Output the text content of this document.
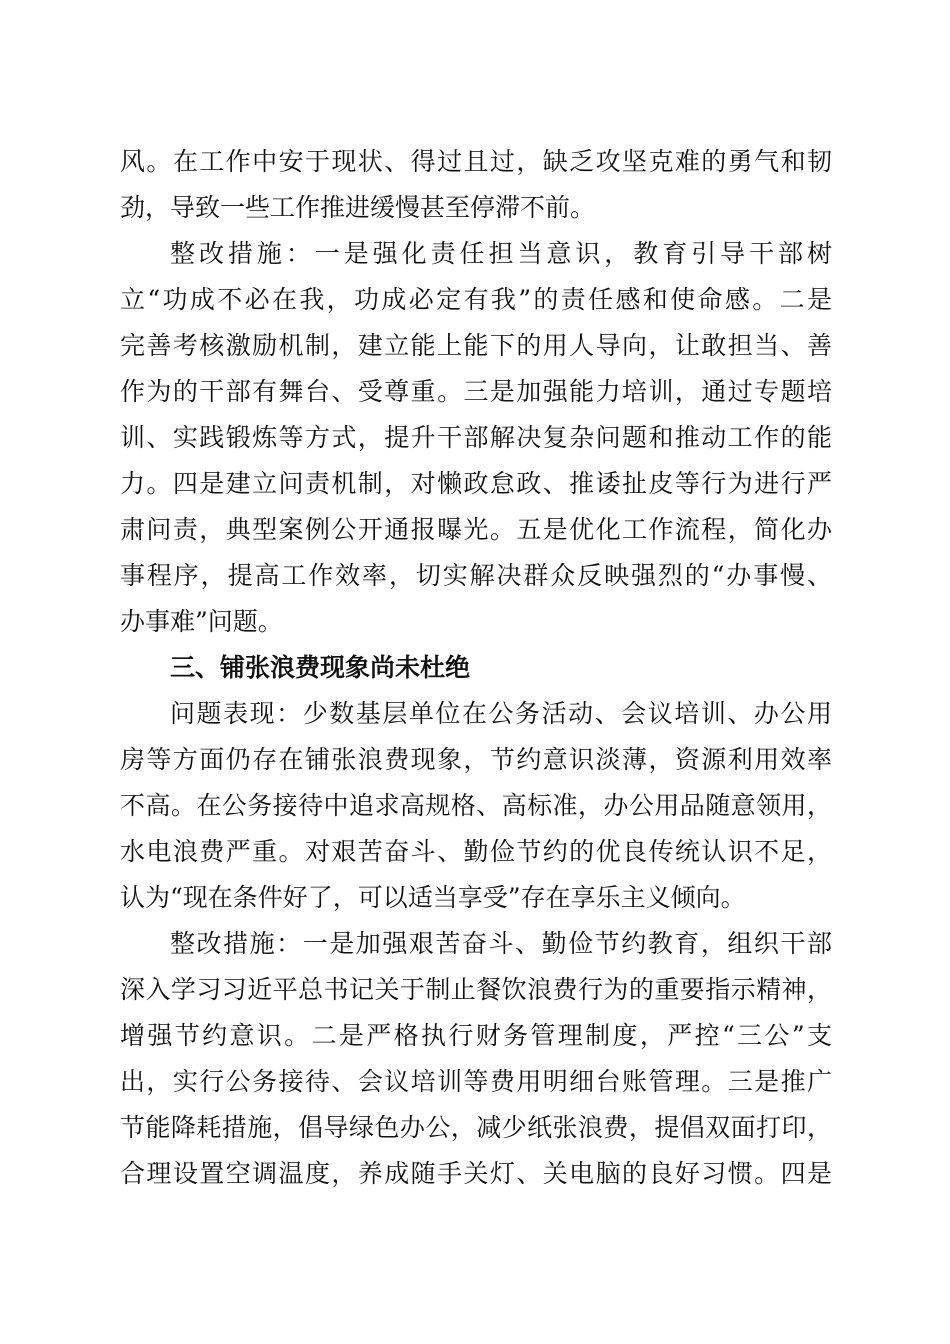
风。在工作中安于现状、得过且过，缺乏攻坚克难的勇气和韧
劲，导致一些工作推进缓慢甚至停滞不前。
整改措施：一是强化责任担当意识，教育引导干部树
立“功成不必在我，功成必定有我”的责任感和使命感。二是
完善考核激励机制，建立能上能下的用人导向，让敢担当、善
作为的干部有舞台、受尊重。三是加强能力培训，通过专题培
训、实践锻炼等方式，提升干部解决复杂问题和推动工作的能
力。四是建立问责机制，对懒政怠政、推诿扯皮等行为进行严
肃问责，典型案例公开通报曝光。五是优化工作流程，简化办
事程序，提高工作效率，切实解决群众反映强烈的“办事慢、
办事难”问题。
三、铺张浪费现象尚未杜绝
问题表现：少数基层单位在公务活动、会议培训、办公用
房等方面仍存在铺张浪费现象，节约意识淡薄，资源利用效率
不高。在公务接待中追求高规格、高标准，办公用品随意领用，
水电浪费严重。对艰苦奋斗、勤俭节约的优良传统认识不足，
认为“现在条件好了，可以适当享受”存在享乐主义倾向。
整改措施：一是加强艰苦奋斗、勤俭节约教育，组织干部
深入学习习近平总书记关于制止餐饮浪费行为的重要指示精神，
增强节约意识。二是严格执行财务管理制度，严控“三公”支
出，实行公务接待、会议培训等费用明细台账管理。三是推广
节能降耗措施，倡导绿色办公，减少纸张浪费，提倡双面打印，
合理设置空调温度，养成随手关灯、关电脑的良好习惯。四是
